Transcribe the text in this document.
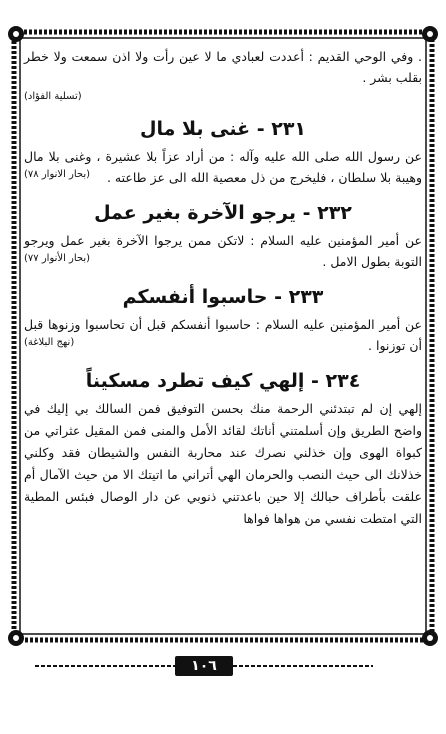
. وفي الوحي القديم : أعددت لعبادي ما لا عين رأت ولا اذن سمعت ولا خطر بقلب بشر .

(تسلية الفؤاد)

٢٣١ - غنى بلا مال

عن رسول الله صلى الله عليه وآله : من أراد عزاً بلا عشيرة ، وغنى بلا مال وهيبة بلا سلطان ، فليخرج من ذل معصية الله الى عز طاعته .

(بحار الانوار ٧٨)

٢٣٢ - يرجو الآخرة بغير عمل

عن أمير المؤمنين عليه السلام : لاتكن ممن يرجوا الآخرة بغير عمل ويرجو التوبة بطول الامل .

(بحار الأنوار ٧٧)

٢٣٣ - حاسبوا أنفسكم

عن أمير المؤمنين عليه السلام : حاسبوا أنفسكم قبل أن تحاسبوا وزنوها قبل أن توزنوا .

(نهج البلاغة)

٢٣٤ - إلهي كيف تطرد مسكيناً

إلهي إن لم تبتدئني الرحمة منك بحسن التوفيق فمن السالك بي إليك في واضح الطريق وإن أسلمتني أناتك لقائد الأمل والمنى فمن المقيل عثراتي من كبواة الهوى وإن خذلني نصرك عند محاربة النفس والشيطان فقد وكلني خذلانك الى حيث النصب والحرمان الهي أتراني ما اتيتك الا من حيث الآمال أم علقت بأطراف حبالك إلا حين باعدتني ذنوبي عن دار الوصال فبئس المطية التي امتطت نفسي من هواها فواها

١٠٦
